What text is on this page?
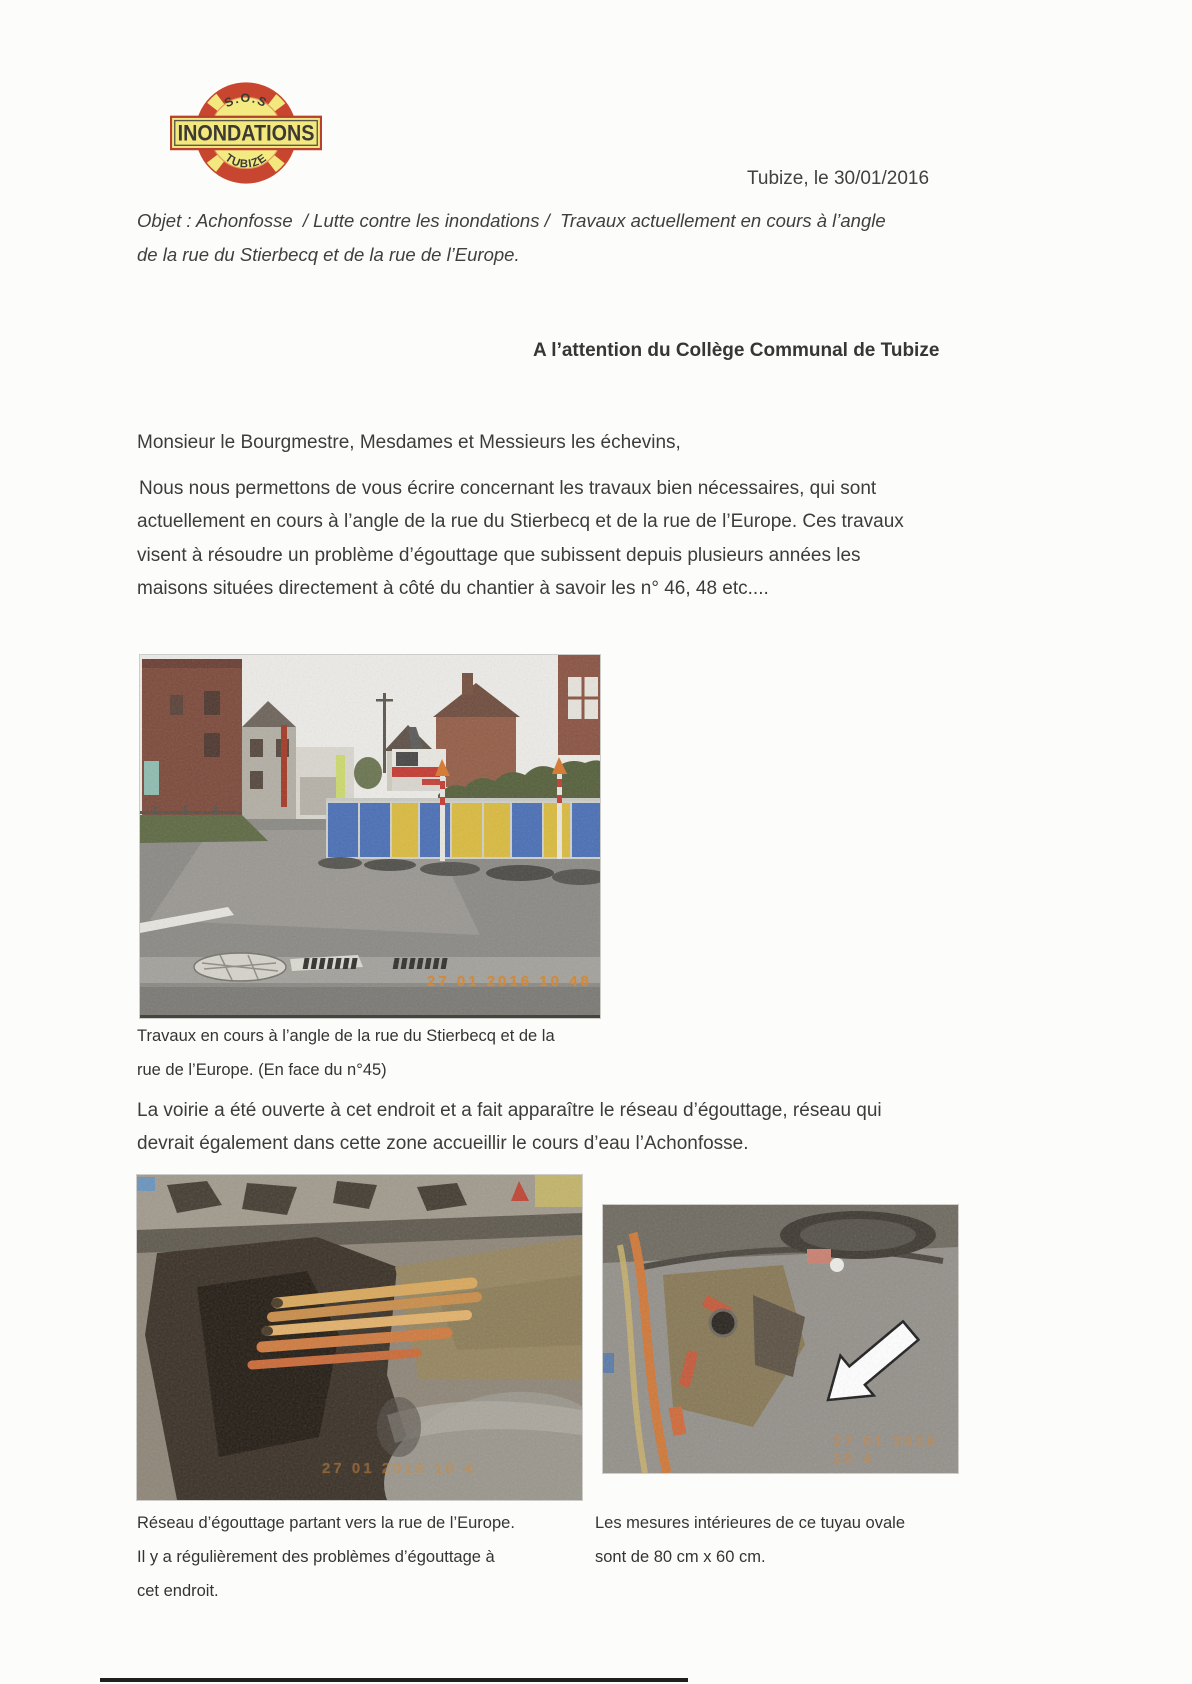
S.O.S
TUBIZE
INONDATIONS
Tubize, le 30/01/2016
Objet : Achonfosse  / Lutte contre les inondations /  Travaux actuellement en cours à l’angle
de la rue du Stierbecq et de la rue de l’Europe.
A l’attention du Collège Communal de Tubize
Monsieur le Bourgmestre, Mesdames et Messieurs les échevins,
Nous nous permettons de vous écrire concernant les travaux bien nécessaires, qui sont
actuellement en cours à l’angle de la rue du Stierbecq et de la rue de l’Europe. Ces travaux
visent à résoudre un problème d’égouttage que subissent depuis plusieurs années les
maisons situées directement à côté du chantier à savoir les n° 46, 48 etc....
27 01 2016 10 48
Travaux en cours à l’angle de la rue du Stierbecq et de la
rue de l’Europe. (En face du n°45)
La voirie a été ouverte à cet endroit et a fait apparaître le réseau d’égouttage, réseau qui
devrait également dans cette zone accueillir le cours d’eau l’Achonfosse.
27 01 2016 10 4
27 01 2016 10 4
Réseau d’égouttage partant vers la rue de l’Europe.
Il y a régulièrement des problèmes d’égouttage à
cet endroit.
Les mesures intérieures de ce tuyau ovale
sont de 80 cm x 60 cm.
